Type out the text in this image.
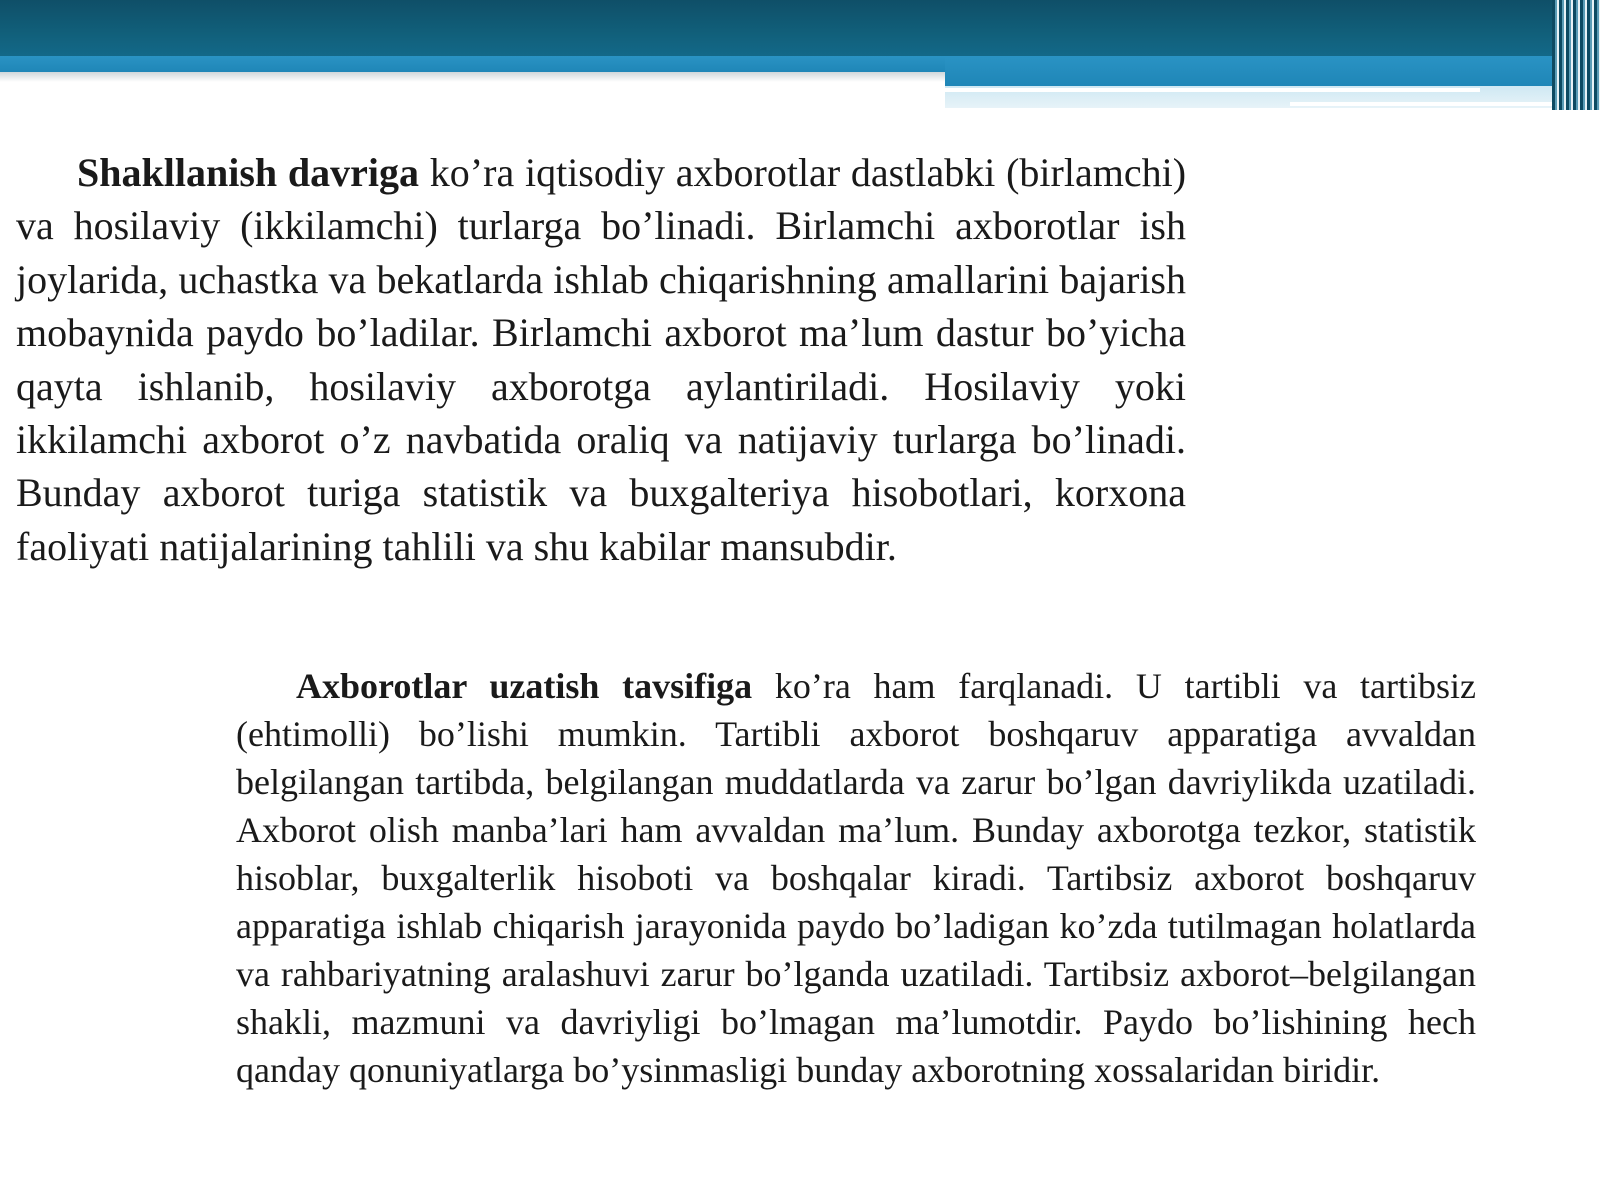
Shakllanish davriga ko’ra iqtisodiy axborotlar dastlabki (birlamchi) va hosilaviy (ikkilamchi) turlarga bo’linadi. Birlamchi axborotlar ish joylarida, uchastka va bekatlarda ishlab chiqarishning amallarini bajarish mobaynida paydo bo’ladilar. Birlamchi axborot ma’lum dastur bo’yicha qayta ishlanib, hosilaviy axborotga aylantiriladi. Hosilaviy yoki ikkilamchi axborot o’z navbatida oraliq va natijaviy turlarga bo’linadi. Bunday axborot turiga statistik va buxgalteriya hisobotlari, korxona faoliyati natijalarining tahlili va shu kabilar mansubdir.

Axborotlar uzatish tavsifiga ko’ra ham farqlanadi. U tartibli va tartibsiz (ehtimolli) bo’lishi mumkin. Tartibli axborot boshqaruv apparatiga avvaldan belgilangan tartibda, belgilangan muddatlarda va zarur bo’lgan davriylikda uzatiladi. Axborot olish manba’lari ham avvaldan ma’lum. Bunday axborotga tezkor, statistik hisoblar, buxgalterlik hisoboti va boshqalar kiradi. Tartibsiz axborot boshqaruv apparatiga ishlab chiqarish jarayonida paydo bo’ladigan ko’zda tutilmagan holatlarda va rahbariyatning aralashuvi zarur bo’lganda uzatiladi. Tartibsiz axborot–belgilangan shakli, mazmuni va davriyligi bo’lmagan ma’lumotdir. Paydo bo’lishining hech qanday qonuniyatlarga bo’ysinmasligi bunday axborotning xossalaridan biridir.
